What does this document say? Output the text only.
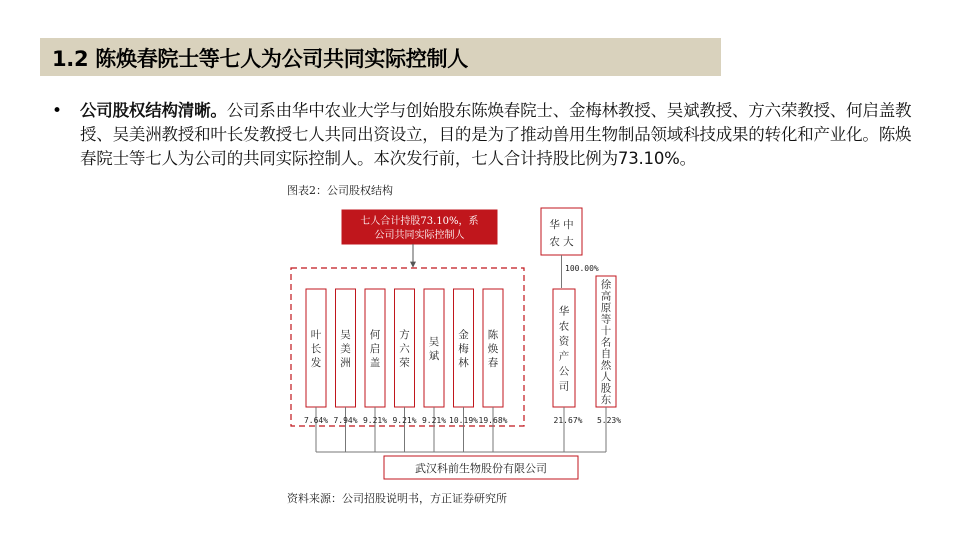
1.2 陈焕春院士等七人为公司共同实际控制人
• 公司股权结构清晰。公司系由华中农业大学与创始股东陈焕春院士、金梅林教授、吴斌教授、方六荣教授、何启盖教授、吴美洲教授和叶长发教授七人共同出资设立，目的是为了推动兽用生物制品领域科技成果的转化和产业化。陈焕春院士等七人为公司的共同实际控制人。本次发行前，七人合计持股比例为73.10%。
图表2：公司股权结构
七人合计持股73.10%，系
公司共同实际控制人
叶长发
7.64%
吴美洲
7.94%
何启盖
9.21%
方六荣
9.21%
吴斌
9.21%
金梅林
10.19%
陈焕春
19.68%
华 中
农 大
100.00%
华农资产公司
21.67%
徐高原等十名自然人股东
5.23%
武汉科前生物股份有限公司
资料来源：公司招股说明书，方正证券研究所
